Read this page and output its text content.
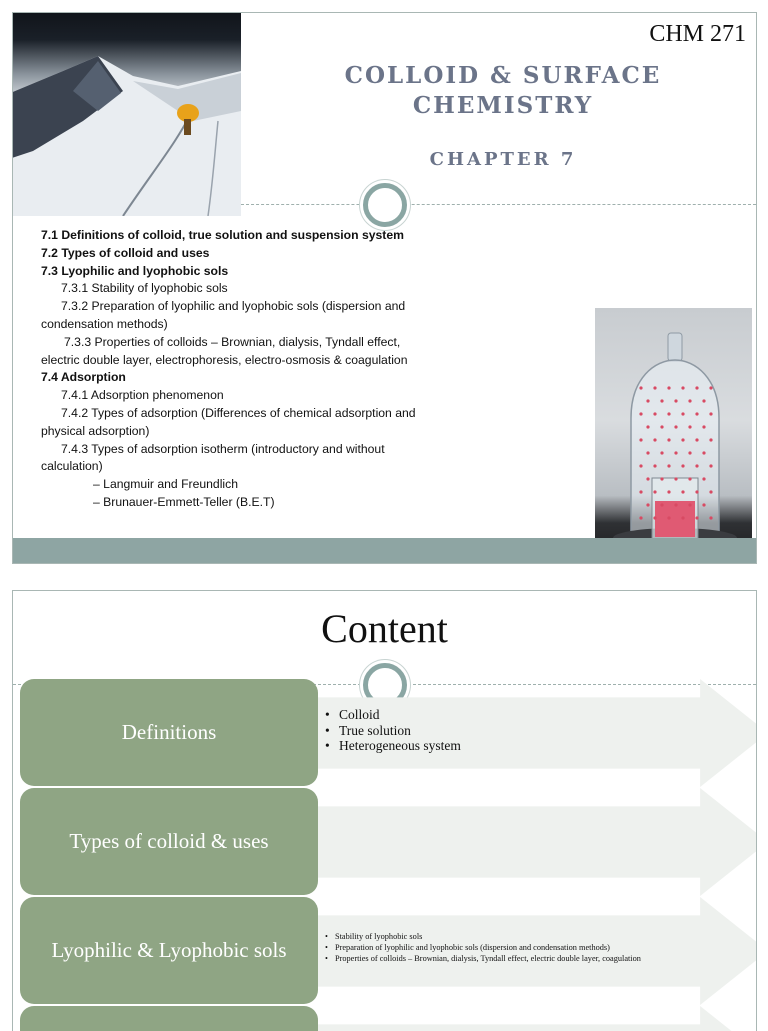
CHM 271
COLLOID & SURFACE
CHEMISTRY
CHAPTER 7
7.1 Definitions of colloid, true solution and suspension system
7.2 Types of colloid and uses
7.3 Lyophilic and lyophobic sols
7.3.1 Stability of lyophobic sols
7.3.2 Preparation of lyophilic and lyophobic sols (dispersion and condensation methods)
7.3.3 Properties of colloids – Brownian, dialysis, Tyndall effect, electric double layer, electrophoresis, electro-osmosis & coagulation
7.4 Adsorption
7.4.1 Adsorption phenomenon
7.4.2 Types of adsorption (Differences of chemical adsorption and physical adsorption)
7.4.3 Types of adsorption isotherm (introductory and without calculation)
– Langmuir and Freundlich
– Brunauer-Emmett-Teller (B.E.T)
Content
Definitions
• Colloid
• True solution
• Heterogeneous system
Types of colloid & uses
Lyophilic & Lyophobic sols
• Stability of lyophobic sols
• Preparation of lyophilic and lyophobic sols (dispersion and condensation methods)
• Properties of colloids – Brownian, dialysis, Tyndall effect, electric double layer, coagulation
